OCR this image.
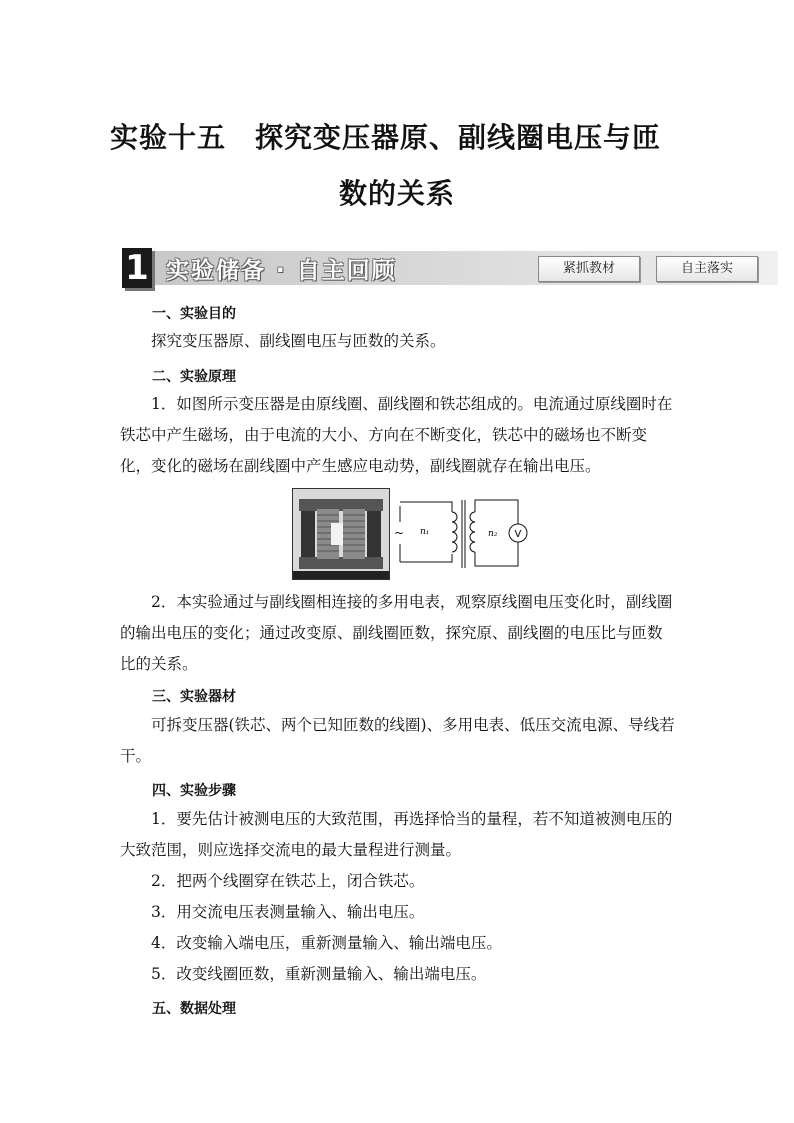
实验十五　探究变压器原、副线圈电压与匝
数的关系
1 实验储备 · 自主回顾	紧抓教材	自主落实
一、实验目的
探究变压器原、副线圈电压与匝数的关系。
二、实验原理
1．如图所示变压器是由原线圈、副线圈和铁芯组成的。电流通过原线圈时在铁芯中产生磁场，由于电流的大小、方向在不断变化，铁芯中的磁场也不断变化，变化的磁场在副线圈中产生感应电动势，副线圈就存在输出电压。
~ n₁	n₂ V
2．本实验通过与副线圈相连接的多用电表，观察原线圈电压变化时，副线圈的输出电压的变化；通过改变原、副线圈匝数，探究原、副线圈的电压比与匝数比的关系。
三、实验器材
可拆变压器(铁芯、两个已知匝数的线圈)、多用电表、低压交流电源、导线若干。
四、实验步骤
1．要先估计被测电压的大致范围，再选择恰当的量程，若不知道被测电压的大致范围，则应选择交流电的最大量程进行测量。
2．把两个线圈穿在铁芯上，闭合铁芯。
3．用交流电压表测量输入、输出电压。
4．改变输入端电压，重新测量输入、输出端电压。
5．改变线圈匝数，重新测量输入、输出端电压。
五、数据处理
